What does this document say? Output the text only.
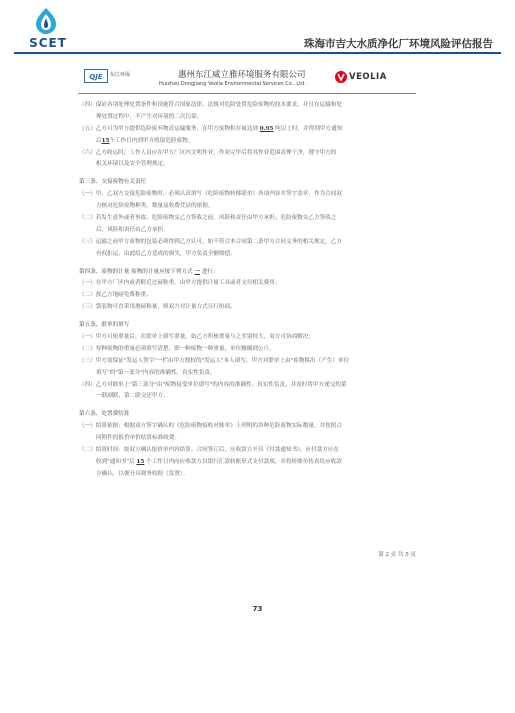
SCET	珠海市吉大水质净化厂环境风险评估报告
QJE	东江环保	惠州东江威立雅环境服务有限公司
Huizhou Dongjiang Veolia Environmental Services Co., Ltd.
VEOLIA
（四）保证各项处理处置条件和设施符合国家法律、法规对危险处置危险废物的技术要求，并且在运输和处
理处置过程中，不产生对环境的二次污染。
（五）乙方可为甲方提供危险废弃物清运输服务，在甲方废物积存量达到 0.95 吨以上时，并得到甲方通知
后15个工作日内到甲方收取危险废物。
（六）乙方收运时，工作人员应在甲方厂区内文明作业，作业完毕后将其作业范围清理干净，遵守甲方的
相关环境以及安全管理规定。
第三条、交接废物有关责任
（一）甲、乙双方交接危险废物时，必须认真填写《危险废物转移联单》各项内容并签字盖章，作为合同双
方核对危险废物种类、数量及收费凭证的依据。
（二）若发生意外或者事故，危险废物交乙方签收之前，风险和责任由甲方承担；危险废物交乙方签收之
后，风险和责任由乙方承担。
（三）运输之前甲方废物的包装必须得到乙方认可，如不符合本合同第二条甲方合同义务的相关规定，乙方
有权拒运，由此给乙方造成的损失，甲方负责全额赔偿。
第四条、废物的计量 废物的计量应按下列方式 一 进行：
（一）在甲方厂区内或者附近过磅称重，由甲方提供计量工具或者支付相关费用；
（二）按乙方地磅免费称重；
（三）袋装物可直采用地磅称量，则双方对计量方式另行协商。
第五条、联单的填写
（一）甲方可依重量后，在联单上填写重量，如乙方所核重量与之差别较大，双方可协商解决；
（二）每种废物的重量必须填写清楚，即一种废物一种重量，单位精确到公斤。
（三）甲方需保证"发运人签字"一栏由甲方授权的"发运人"本人填写，甲方对联单上由"废物移出（产生）单位
填写"的"第一部分"内容的准确性、真实性负责。
（四）乙方对联单上"第三部分"由"废物接受单位填写"的内容的准确性、真实性负责，并及时将甲方递交的第
一联副联、第二联交还甲方。
第六条、处置费结算
（一）结算依据：根据双方签字确认的《危险废物接收对账单》上列明的各种危险废物实际数量，并按照合
同附件的报价单价结算标准收费。
（二）结算时间：按双方确认报价单内容结算。合同签订后，应收款方开具《付款通知书》，应付款方应在
收到"通知书"后 15 个工作日内向应收款方以银行汇款转账形式支付款项，并将转账单传真给应收款
方确认，以便开具财务收据（发票）。
第 2 页 共 5 页
73
